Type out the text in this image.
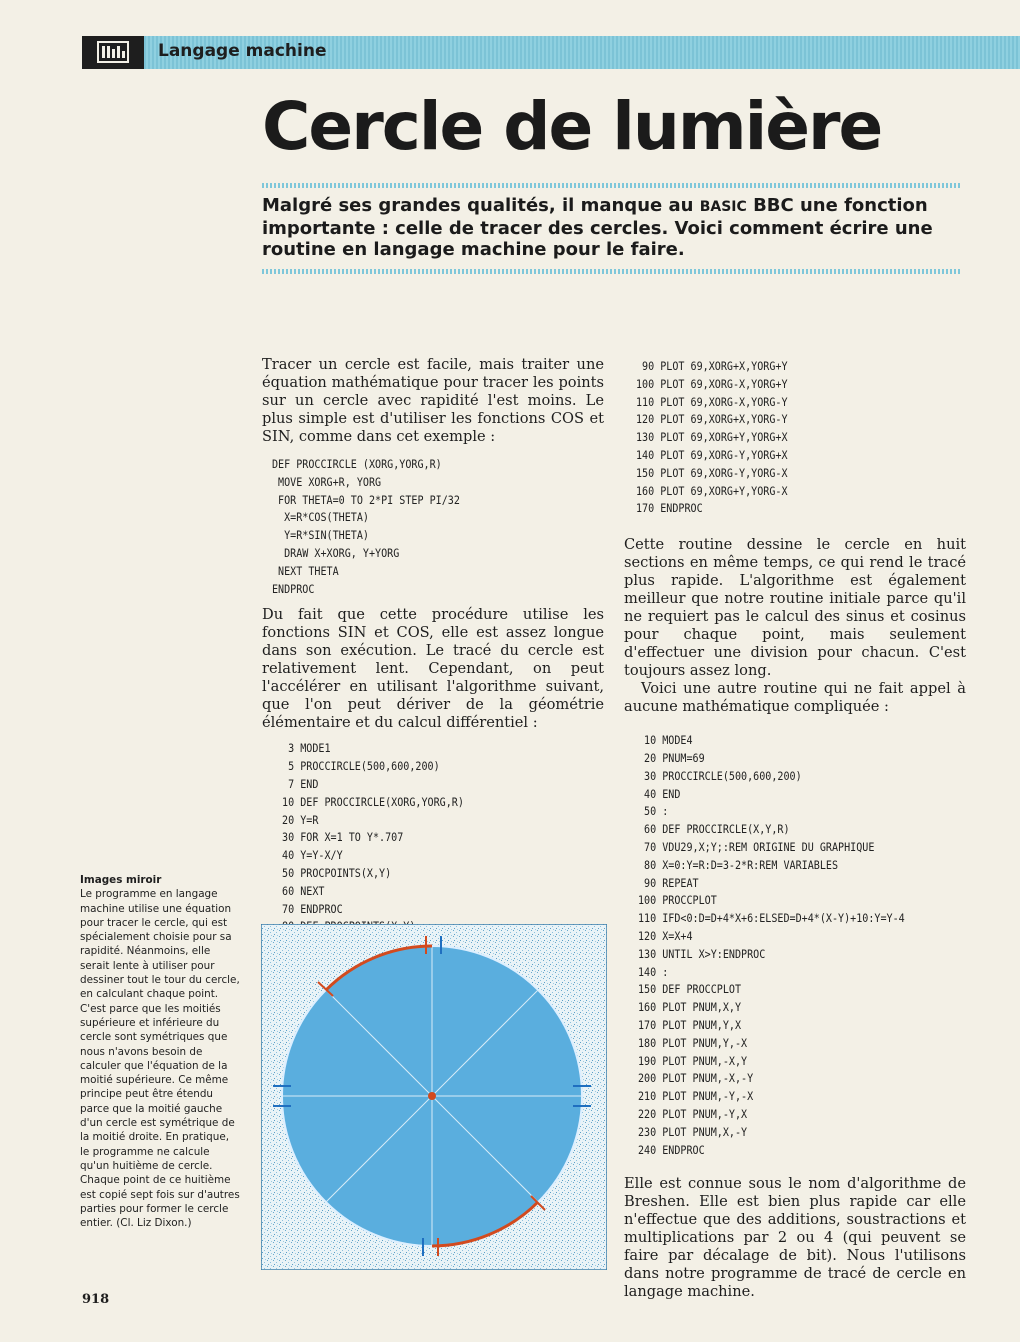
Langage machine
Cercle de lumière

Malgré ses grandes qualités, il manque au BASIC BBC une fonction importante : celle de tracer des cercles. Voici comment écrire une routine en langage machine pour le faire.

Tracer un cercle est facile, mais traiter une équation mathématique pour tracer les points sur un cercle avec rapidité l'est moins. Le plus simple est d'utiliser les fonctions COS et SIN, comme dans cet exemple :

DEF PROCCIRCLE (XORG,YORG,R)
MOVE XORG+R, YORG
FOR THETA=0 TO 2*PI STEP PI/32
X=R*COS(THETA)
Y=R*SIN(THETA)
DRAW X+XORG, Y+YORG
NEXT THETA
ENDPROC

Du fait que cette procédure utilise les fonctions SIN et COS, elle est assez longue dans son exécution. Le tracé du cercle est relativement lent. Cependant, on peut l'accélérer en utilisant l'algorithme suivant, que l'on peut dériver de la géométrie élémentaire et du calcul différentiel :

3 MODE1
5 PROCCIRCLE(500,600,200)
7 END
10 DEF PROCCIRCLE(XORG,YORG,R)
20 Y=R
30 FOR X=1 TO Y*.707
40 Y=Y-X/Y
50 PROCPOINTS(X,Y)
60 NEXT
70 ENDPROC
90 PLOT 69,XORG+X,YORG+Y
100 PLOT 69,XORG-X,YORG+Y
110 PLOT 69,XORG-X,YORG-Y
120 PLOT 69,XORG+X,YORG-Y
130 PLOT 69,XORG+Y,YORG+X
140 PLOT 69,XORG-Y,YORG+X
150 PLOT 69,XORG-Y,YORG-X
160 PLOT 69,XORG+Y,YORG-X
170 ENDPROC

Cette routine dessine le cercle en huit sections en même temps, ce qui rend le tracé plus rapide. L'algorithme est également meilleur que notre routine initiale parce qu'il ne requiert pas le calcul des sinus et cosinus pour chaque point, mais seulement d'effectuer une division pour chacun. C'est toujours assez long.

Voici une autre routine qui ne fait appel à aucune mathématique compliquée :

10 MODE4
20 PNUM=69
30 PROCCIRCLE(500,600,200)
40 END
50 :
60 DEF PROCCIRCLE(X,Y,R)
70 VDU29,X;Y;:REM ORIGINE DU GRAPHIQUE
80 X=0:Y=R:D=3-2*R:REM VARIABLES
90 REPEAT
100 PROCCPLOT
110 IFD<0:D=D+4*X+6:ELSED=D+4*(X-Y)+10:Y=Y-4
120 X=X+4
130 UNTIL X>Y:ENDPROC
140 :
150 DEF PROCCPLOT
160 PLOT PNUM,X,Y
170 PLOT PNUM,Y,X
180 PLOT PNUM,Y,-X
190 PLOT PNUM,-X,Y
200 PLOT PNUM,-X,-Y
210 PLOT PNUM,-Y,-X
220 PLOT PNUM,-Y,X
230 PLOT PNUM,X,-Y
240 ENDPROC

Elle est connue sous le nom d'algorithme de Breshen. Elle est bien plus rapide car elle n'effectue que des additions, soustractions et multiplications par 2 ou 4 (qui peuvent se faire par décalage de bit). Nous l'utilisons dans notre programme de tracé de cercle en langage machine.

Images miroir
Le programme en langage machine utilise une équation pour tracer le cercle, qui est spécialement choisie pour sa rapidité. Néanmoins, elle serait lente à utiliser pour dessiner tout le tour du cercle, en calculant chaque point. C'est parce que les moitiés supérieure et inférieure du cercle sont symétriques que nous n'avons besoin de calculer que l'équation de la moitié supérieure. Ce même principe peut être étendu parce que la moitié gauche d'un cercle est symétrique de la moitié droite. En pratique, le programme ne calcule qu'un huitième de cercle. Chaque point de ce huitième est copié sept fois sur d'autres parties pour former le cercle entier. (Cl. Liz Dixon.)
918
